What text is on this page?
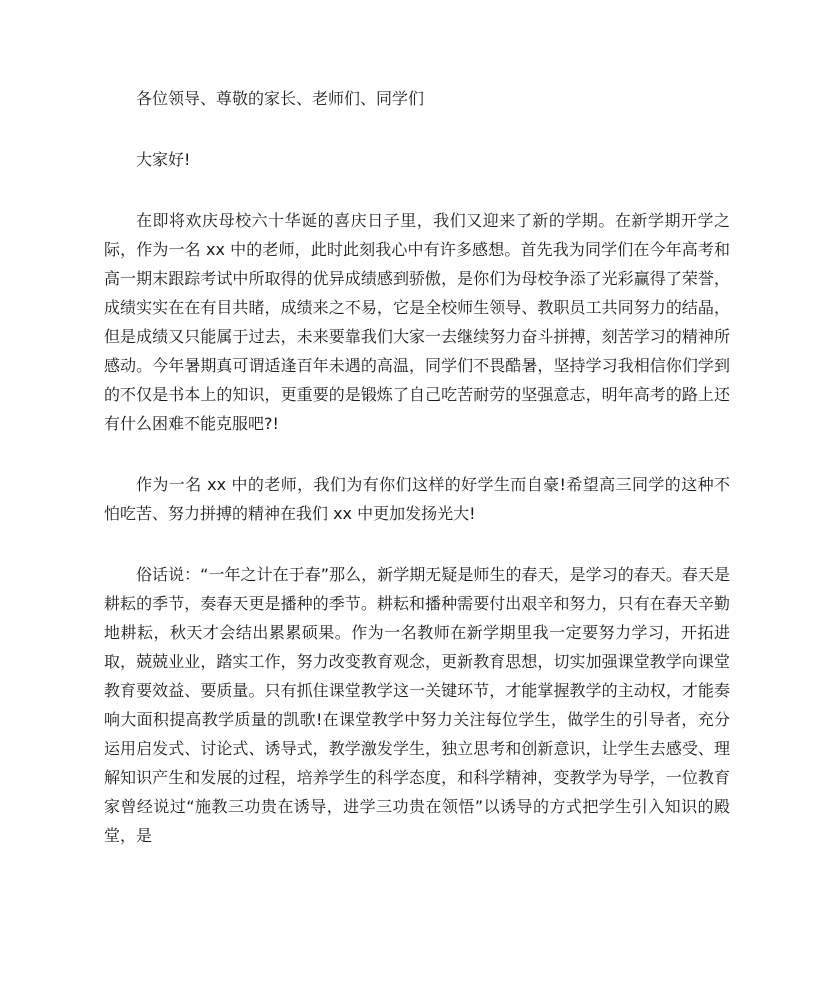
各位领导、尊敬的家长、老师们、同学们

大家好!

在即将欢庆母校六十华诞的喜庆日子里，我们又迎来了新的学期。在新学期开学之际，作为一名 xx 中的老师，此时此刻我心中有许多感想。首先我为同学们在今年高考和高一期末跟踪考试中所取得的优异成绩感到骄傲，是你们为母校争添了光彩赢得了荣誉，成绩实实在在有目共睹，成绩来之不易，它是全校师生领导、教职员工共同努力的结晶，但是成绩又只能属于过去，未来要靠我们大家一去继续努力奋斗拼搏，刻苦学习的精神所感动。今年暑期真可谓适逢百年未遇的高温，同学们不畏酷暑，坚持学习我相信你们学到的不仅是书本上的知识，更重要的是锻炼了自己吃苦耐劳的坚强意志，明年高考的路上还有什么困难不能克服吧?!

作为一名 xx 中的老师，我们为有你们这样的好学生而自豪!希望高三同学的这种不怕吃苦、努力拼搏的精神在我们 xx 中更加发扬光大!

俗话说：“一年之计在于春”那么，新学期无疑是师生的春天，是学习的春天。春天是耕耘的季节，奏春天更是播种的季节。耕耘和播种需要付出艰辛和努力，只有在春天辛勤地耕耘，秋天才会结出累累硕果。作为一名教师在新学期里我一定要努力学习，开拓进取，兢兢业业，踏实工作，努力改变教育观念，更新教育思想，切实加强课堂教学向课堂教育要效益、要质量。只有抓住课堂教学这一关键环节，才能掌握教学的主动权，才能奏响大面积提高教学质量的凯歌!在课堂教学中努力关注每位学生，做学生的引导者，充分运用启发式、讨论式、诱导式，教学激发学生，独立思考和创新意识，让学生去感受、理解知识产生和发展的过程，培养学生的科学态度，和科学精神，变教学为导学，一位教育家曾经说过“施教三功贵在诱导，进学三功贵在领悟”以诱导的方式把学生引入知识的殿堂，是
